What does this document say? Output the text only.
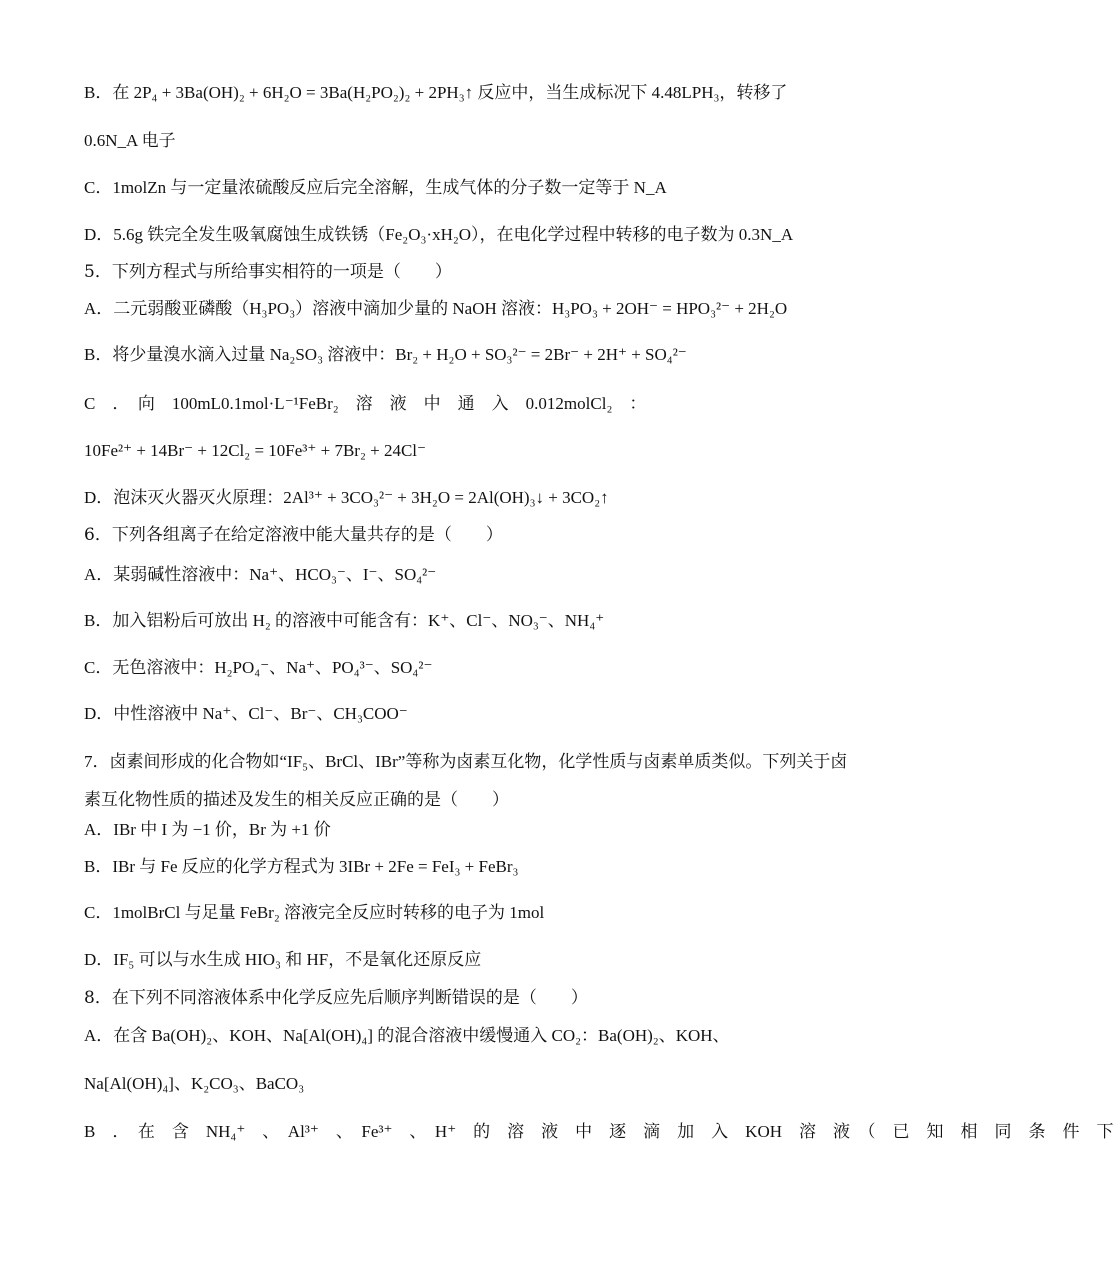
B．在 2P₄ + 3Ba(OH)₂ + 6H₂O = 3Ba(H₂PO₂)₂ + 2PH₃↑ 反应中，当生成标况下 4.48LPH₃，转移了
0.6N_A 电子
C．1molZn 与一定量浓硫酸反应后完全溶解，生成气体的分子数一定等于 N_A
D．5.6g 铁完全发生吸氧腐蚀生成铁锈（Fe₂O₃·xH₂O），在电化学过程中转移的电子数为 0.3N_A
5．下列方程式与所给事实相符的一项是（　　）
A．二元弱酸亚磷酸（H₃PO₃）溶液中滴加少量的 NaOH 溶液：H₃PO₃ + 2OH⁻ = HPO₃²⁻ + 2H₂O
B．将少量溴水滴入过量 Na₂SO₃ 溶液中：Br₂ + H₂O + SO₃²⁻ = 2Br⁻ + 2H⁺ + SO₄²⁻
C　．　向　100mL0.1mol·L⁻¹FeBr₂　溶　液　中　通　入　0.012molCl₂　：
10Fe²⁺ + 14Br⁻ + 12Cl₂ = 10Fe³⁺ + 7Br₂ + 24Cl⁻
D．泡沫灭火器灭火原理：2Al³⁺ + 3CO₃²⁻ + 3H₂O = 2Al(OH)₃↓ + 3CO₂↑
6．下列各组离子在给定溶液中能大量共存的是（　　）
A．某弱碱性溶液中：Na⁺、HCO₃⁻、I⁻、SO₄²⁻
B．加入铝粉后可放出 H₂ 的溶液中可能含有：K⁺、Cl⁻、NO₃⁻、NH₄⁺
C．无色溶液中：H₂PO₄⁻、Na⁺、PO₄³⁻、SO₄²⁻
D．中性溶液中 Na⁺、Cl⁻、Br⁻、CH₃COO⁻
7．卤素间形成的化合物如“IF₅、BrCl、IBr”等称为卤素互化物，化学性质与卤素单质类似。下列关于卤
素互化物性质的描述及发生的相关反应正确的是（　　）
A．IBr 中 I 为 −1 价，Br 为 +1 价
B．IBr 与 Fe 反应的化学方程式为 3IBr + 2Fe = FeI₃ + FeBr₃
C．1molBrCl 与足量 FeBr₂ 溶液完全反应时转移的电子为 1mol
D．IF₅ 可以与水生成 HIO₃ 和 HF，不是氧化还原反应
8．在下列不同溶液体系中化学反应先后顺序判断错误的是（　　）
A．在含 Ba(OH)₂、KOH、Na[Al(OH)₄] 的混合溶液中缓慢通入 CO₂：Ba(OH)₂、KOH、
Na[Al(OH)₄]、K₂CO₃、BaCO₃
B　．　在　含　NH₄⁺　、　Al³⁺　、　Fe³⁺　、　H⁺　的　溶　液　中　逐　滴　加　入　KOH　溶　液　（　已　知　相　同　条　件　下
